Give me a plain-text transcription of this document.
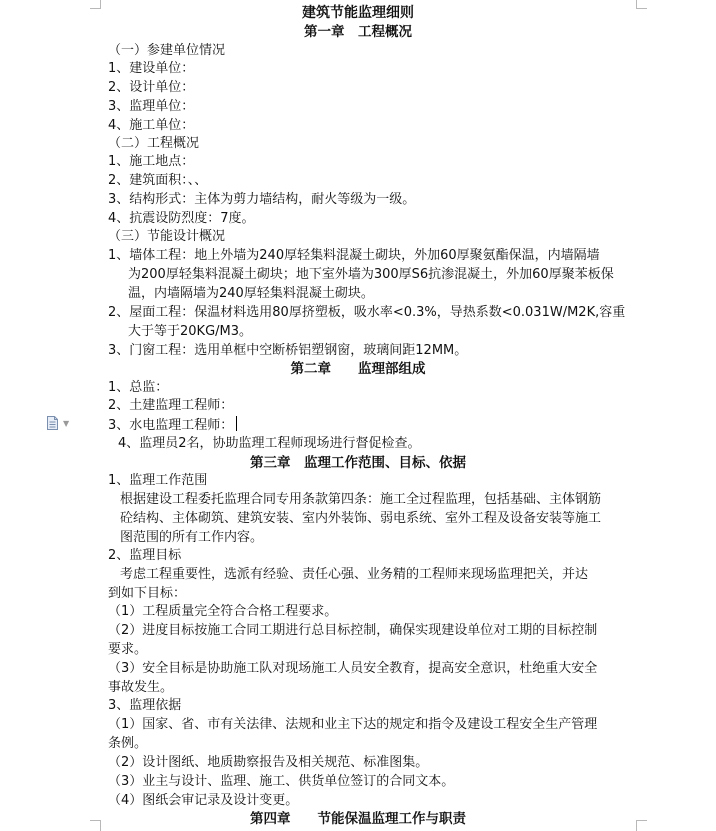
建筑节能监理细则
第一章　工程概况
（一）参建单位情况
1、建设单位：
2、设计单位：
3、监理单位：
4、施工单位：
（二）工程概况
1、施工地点：
2、建筑面积：、、
3、结构形式：主体为剪力墙结构，耐火等级为一级。
4、抗震设防烈度：7度。
（三）节能设计概况
1、墙体工程：地上外墙为240厚轻集料混凝土砌块，外加60厚聚氨酯保温，内墙隔墙
为200厚轻集料混凝土砌块；地下室外墙为300厚S6抗渗混凝土，外加60厚聚苯板保
温，内墙隔墙为240厚轻集料混凝土砌块。
2、屋面工程：保温材料选用80厚挤塑板，吸水率<0.3%，导热系数<0.031W/M2K,容重
大于等于20KG/M3。
3、门窗工程：选用单框中空断桥铝塑钢窗，玻璃间距12MM。
第二章　　监理部组成
1、总监：
2、土建监理工程师：
3、水电监理工程师：
4、监理员2名，协助监理工程师现场进行督促检查。
▼
第三章　监理工作范围、目标、依据
1、监理工作范围
根据建设工程委托监理合同专用条款第四条：施工全过程监理，包括基础、主体钢筋
砼结构、主体砌筑、建筑安装、室内外装饰、弱电系统、室外工程及设备安装等施工
图范围的所有工作内容。
2、监理目标
考虑工程重要性，选派有经验、责任心强、业务精的工程师来现场监理把关，并达
到如下目标：
（1）工程质量完全符合合格工程要求。
（2）进度目标按施工合同工期进行总目标控制，确保实现建设单位对工期的目标控制
要求。
（3）安全目标是协助施工队对现场施工人员安全教育，提高安全意识，杜绝重大安全
事故发生。
3、监理依据
（1）国家、省、市有关法律、法规和业主下达的规定和指令及建设工程安全生产管理
条例。
（2）设计图纸、地质勘察报告及相关规范、标准图集。
（3）业主与设计、监理、施工、供货单位签订的合同文本。
（4）图纸会审记录及设计变更。
第四章　　节能保温监理工作与职责
